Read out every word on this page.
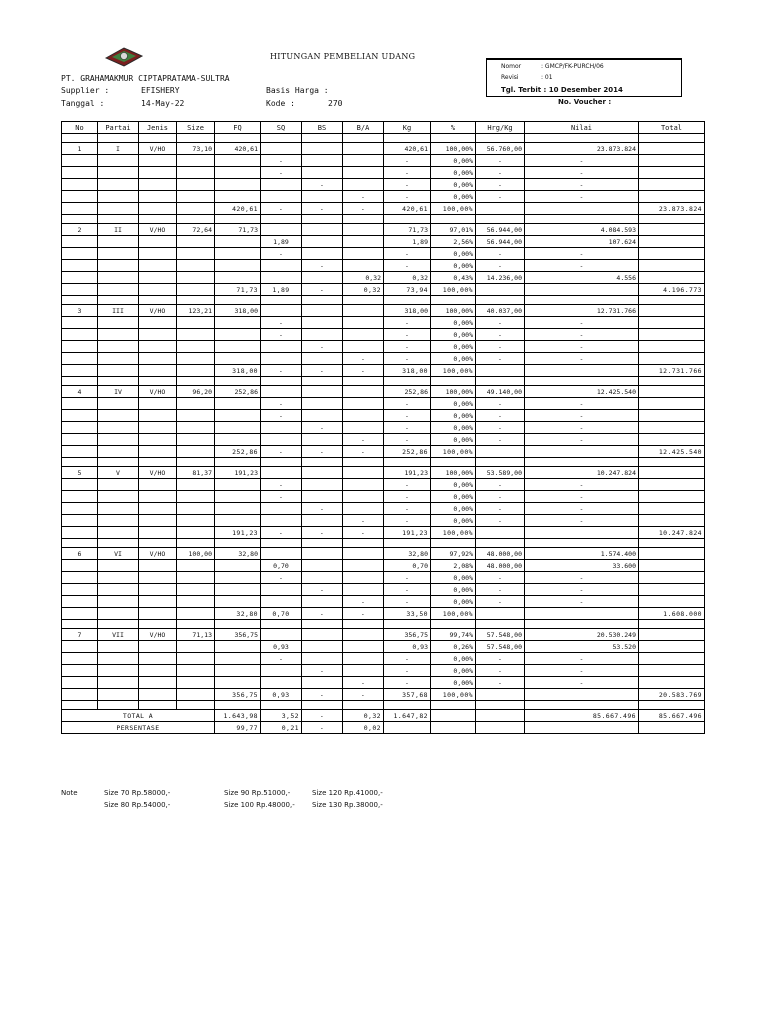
HITUNGAN PEMBELIAN UDANG
PT. GRAHAMAKMUR CIPTAPRATAMA-SULTRA
Supplier :	EFISHERY
Tanggal :	14-May-22
Basis Harga :
Kode :	270
Nomor	: GMCP/FK-PURCH/06
Revisi	: 01
Tgl. Terbit : 10 Desember 2014
No. Voucher :
No	Partai	Jenis	Size	FQ	SQ	BS	B/A	Kg	%	Hrg/Kg	Nilai	Total

1	I	V/HO	73,10	420,61				420,61	100,00%	56.760,00	23.873.824	
					-			-	0,00%	-	-	
					-			-	0,00%	-	-	
						-		-	0,00%	-	-	
							-	-	0,00%	-	-	
				420,61	-	-	-	420,61	100,00%			23.873.824

2	II	V/HO	72,64	71,73				71,73	97,01%	56.944,00	4.084.593	
					1,89			1,89	2,56%	56.944,00	107.624	
					-			-	0,00%	-	-	
						-		-	0,00%	-	-	
							0,32	0,32	0,43%	14.236,00	4.556	
				71,73	1,89	-	0,32	73,94	100,00%			4.196.773

3	III	V/HO	123,21	318,00				318,00	100,00%	40.037,00	12.731.766	
					-			-	0,00%	-	-	
					-			-	0,00%	-	-	
						-		-	0,00%	-	-	
							-	-	0,00%	-	-	
				318,00	-	-	-	318,00	100,00%			12.731.766

4	IV	V/HO	96,20	252,86				252,86	100,00%	49.140,00	12.425.540	
					-			-	0,00%	-	-	
					-			-	0,00%	-	-	
						-		-	0,00%	-	-	
							-	-	0,00%	-	-	
				252,86	-	-	-	252,86	100,00%			12.425.540

5	V	V/HO	81,37	191,23				191,23	100,00%	53.589,00	10.247.824	
					-			-	0,00%	-	-	
					-			-	0,00%	-	-	
						-		-	0,00%	-	-	
							-	-	0,00%	-	-	
				191,23	-	-	-	191,23	100,00%			10.247.824

6	VI	V/HO	100,00	32,80				32,80	97,92%	48.000,00	1.574.400	
					0,70			0,70	2,08%	48.000,00	33.600	
					-			-	0,00%	-	-	
						-		-	0,00%	-	-	
							-	-	0,00%	-	-	
				32,80	0,70	-	-	33,50	100,00%			1.608.000

7	VII	V/HO	71,13	356,75				356,75	99,74%	57.548,00	20.530.249	
					0,93			0,93	0,26%	57.548,00	53.520	
					-			-	0,00%	-	-	
						-		-	0,00%	-	-	
							-	-	0,00%	-	-	
				356,75	0,93	-	-	357,68	100,00%			20.583.769

TOTAL A				1.643,98	3,52	-	0,32	1.647,82			85.667.496	85.667.496
PERSENTASE				99,77	0,21	-	0,02					
Note	Size 70 Rp.58000,-	Size 90 Rp.51000,-	Size 120 Rp.41000,-
Size 80 Rp.54000,-	Size 100 Rp.48000,- Size 130 Rp.38000,-
